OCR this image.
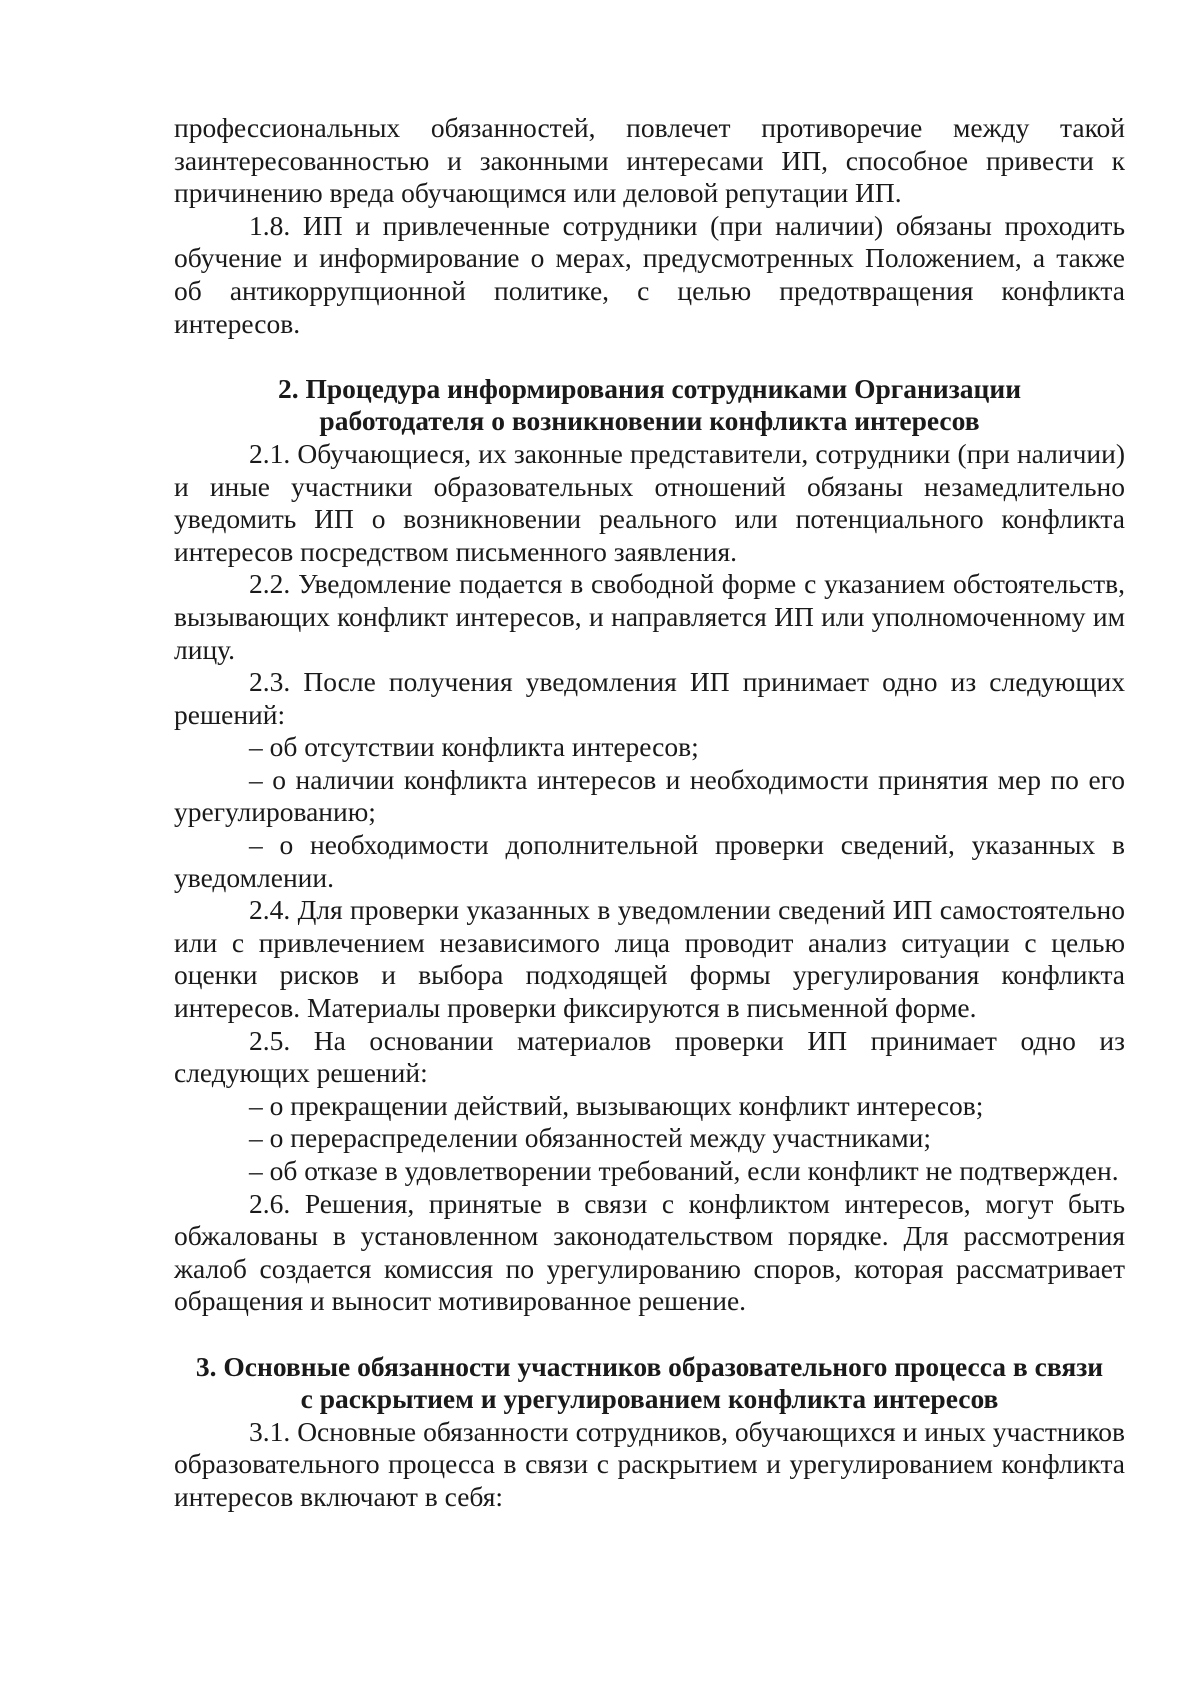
профессиональных обязанностей, повлечет противоречие между такой заинтересованностью и законными интересами ИП, способное привести к причинению вреда обучающимся или деловой репутации ИП.

1.8. ИП и привлеченные сотрудники (при наличии) обязаны проходить обучение и информирование о мерах, предусмотренных Положением, а также об антикоррупционной политике, с целью предотвращения конфликта интересов.

2. Процедура информирования сотрудниками Организации

работодателя о возникновении конфликта интересов

2.1. Обучающиеся, их законные представители, сотрудники (при наличии) и иные участники образовательных отношений обязаны незамедлительно уведомить ИП о возникновении реального или потенциального конфликта интересов посредством письменного заявления.

2.2. Уведомление подается в свободной форме с указанием обстоятельств, вызывающих конфликт интересов, и направляется ИП или уполномоченному им лицу.

2.3. После получения уведомления ИП принимает одно из следующих решений:

– об отсутствии конфликта интересов;

– о наличии конфликта интересов и необходимости принятия мер по его урегулированию;

– о необходимости дополнительной проверки сведений, указанных в уведомлении.

2.4. Для проверки указанных в уведомлении сведений ИП самостоятельно или с привлечением независимого лица проводит анализ ситуации с целью оценки рисков и выбора подходящей формы урегулирования конфликта интересов. Материалы проверки фиксируются в письменной форме.

2.5. На основании материалов проверки ИП принимает одно из следующих решений:

– о прекращении действий, вызывающих конфликт интересов;

– о перераспределении обязанностей между участниками;

– об отказе в удовлетворении требований, если конфликт не подтвержден.

2.6. Решения, принятые в связи с конфликтом интересов, могут быть обжалованы в установленном законодательством порядке. Для рассмотрения жалоб создается комиссия по урегулированию споров, которая рассматривает обращения и выносит мотивированное решение.

3. Основные обязанности участников образовательного процесса в связи

с раскрытием и урегулированием конфликта интересов

3.1. Основные обязанности сотрудников, обучающихся и иных участников образовательного процесса в связи с раскрытием и урегулированием конфликта интересов включают в себя:
